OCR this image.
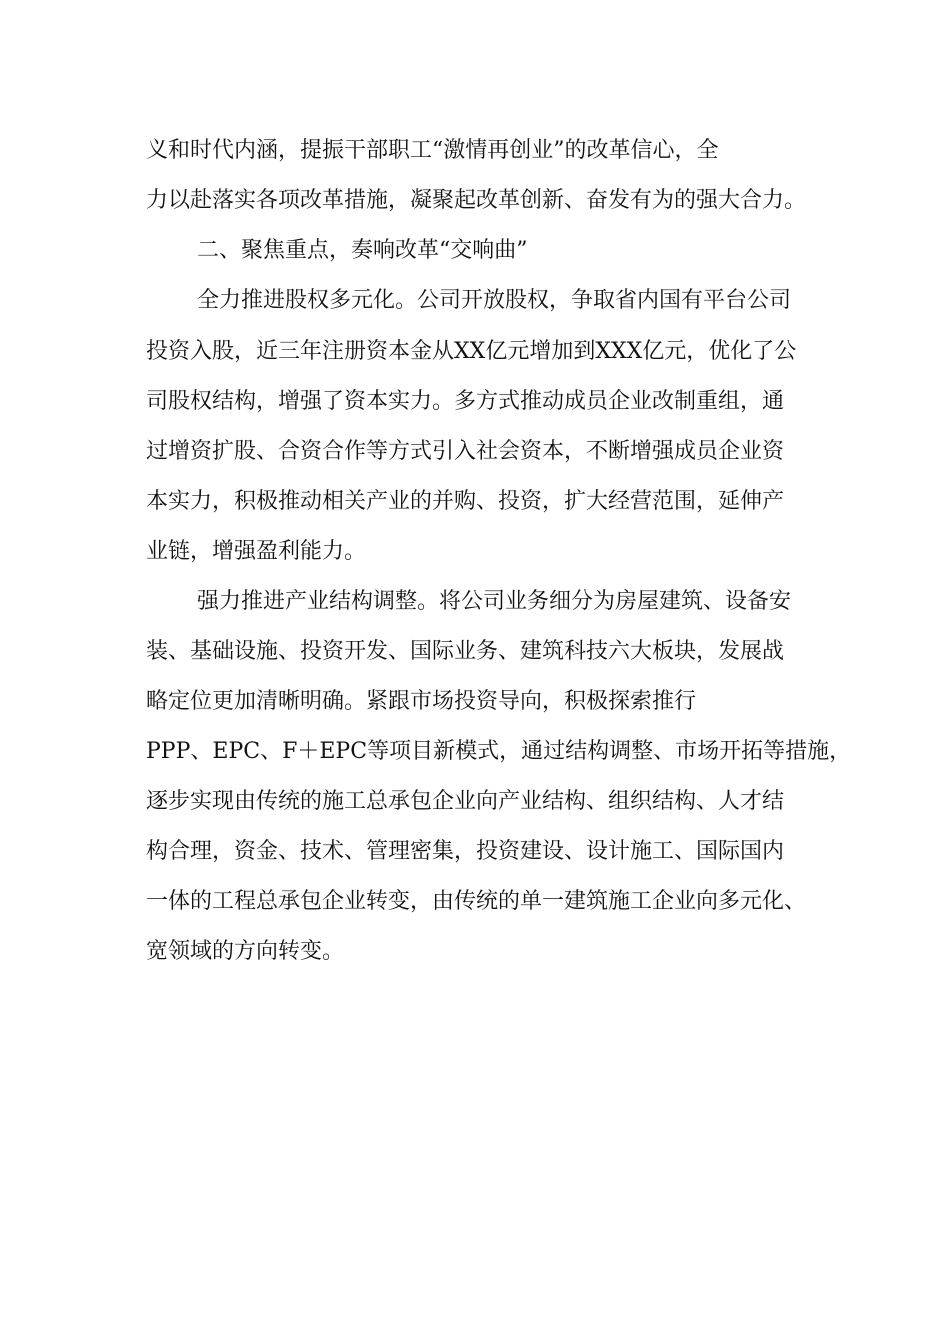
义和时代内涵，提振干部职工“激情再创业”的改革信心，全
力以赴落实各项改革措施，凝聚起改革创新、奋发有为的强大合力。
二、聚焦重点，奏响改革“交响曲”
全力推进股权多元化。公司开放股权，争取省内国有平台公司
投资入股，近三年注册资本金从XX亿元增加到XXX亿元，优化了公
司股权结构，增强了资本实力。多方式推动成员企业改制重组，通
过增资扩股、合资合作等方式引入社会资本，不断增强成员企业资
本实力，积极推动相关产业的并购、投资，扩大经营范围，延伸产
业链，增强盈利能力。
强力推进产业结构调整。将公司业务细分为房屋建筑、设备安
装、基础设施、投资开发、国际业务、建筑科技六大板块，发展战
略定位更加清晰明确。紧跟市场投资导向，积极探索推行
PPP、EPC、F＋EPC等项目新模式，通过结构调整、市场开拓等措施，
逐步实现由传统的施工总承包企业向产业结构、组织结构、人才结
构合理，资金、技术、管理密集，投资建设、设计施工、国际国内
一体的工程总承包企业转变，由传统的单一建筑施工企业向多元化、
宽领域的方向转变。
